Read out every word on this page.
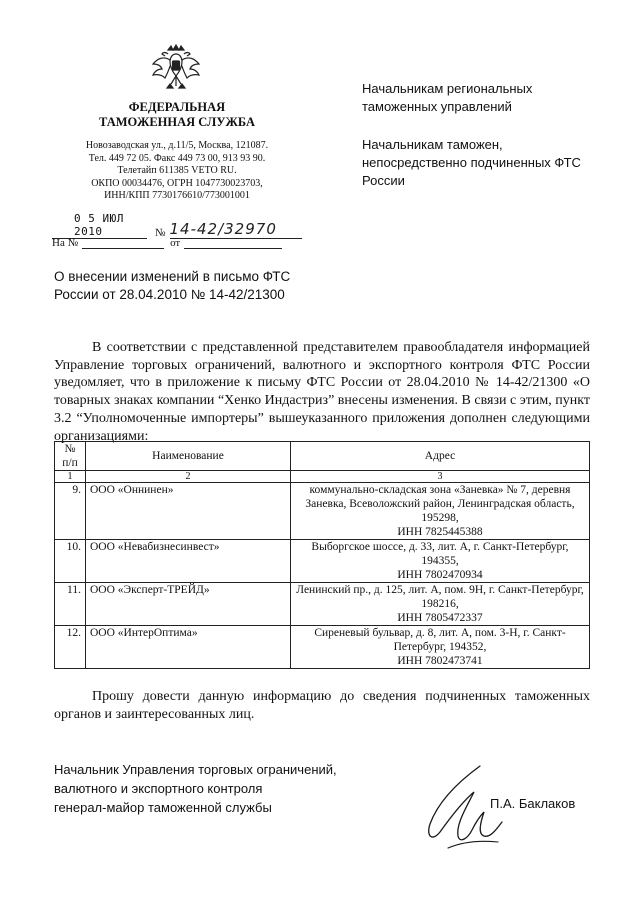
ФЕДЕРАЛЬНАЯ
ТАМОЖЕННАЯ СЛУЖБА
Новозаводская ул., д.11/5, Москва, 121087.
Тел. 449 72 05. Факс 449 73 00, 913 93 90.
Телетайп 611385 VETO RU.
ОКПО 00034476, ОГРН 1047730023703,
ИНН/КПП 7730176610/773001001
0 5 ИЮЛ 2010	№ 14-42/32970
На №	от
Начальникам региональных таможенных управлений
Начальникам таможен, непосредственно подчиненных ФТС России
О внесении изменений в письмо ФТС России от 28.04.2010 № 14-42/21300
В соответствии с представленной представителем правообладателя информацией Управление торговых ограничений, валютного и экспортного контроля ФТС России уведомляет, что в приложение к письму ФТС России от 28.04.2010 № 14-42/21300 «О товарных знаках компании “Хенко Индастриз” внесены изменения. В связи с этим, пункт 3.2 “Уполномоченные импортеры” вышеуказанного приложения дополнен следующими организациями:
№ п/п	Наименование	Адрес
1	2	3
9.	ООО «Оннинен»	коммунально-складская зона «Заневка» № 7, деревня Заневка, Всеволожский район, Ленинградская область, 195298,
ИНН 7825445388

10.	ООО «Невабизнесинвест»	Выборгское шоссе, д. 33, лит. А, г. Санкт-Петербург, 194355,
ИНН 7802470934

11.	ООО «Эксперт-ТРЕЙД»	Ленинский пр., д. 125, лит. А, пом. 9Н, г. Санкт-Петербург, 198216,
ИНН 7805472337

12.	ООО «ИнтерОптима»	Сиреневый бульвар, д. 8, лит. А, пом. 3-Н, г. Санкт-Петербург, 194352,
ИНН 7802473741
Прошу довести данную информацию до сведения подчиненных таможенных органов и заинтересованных лиц.
Начальник Управления торговых ограничений,
валютного и экспортного контроля
генерал-майор таможенной службы	П.А. Баклаков
